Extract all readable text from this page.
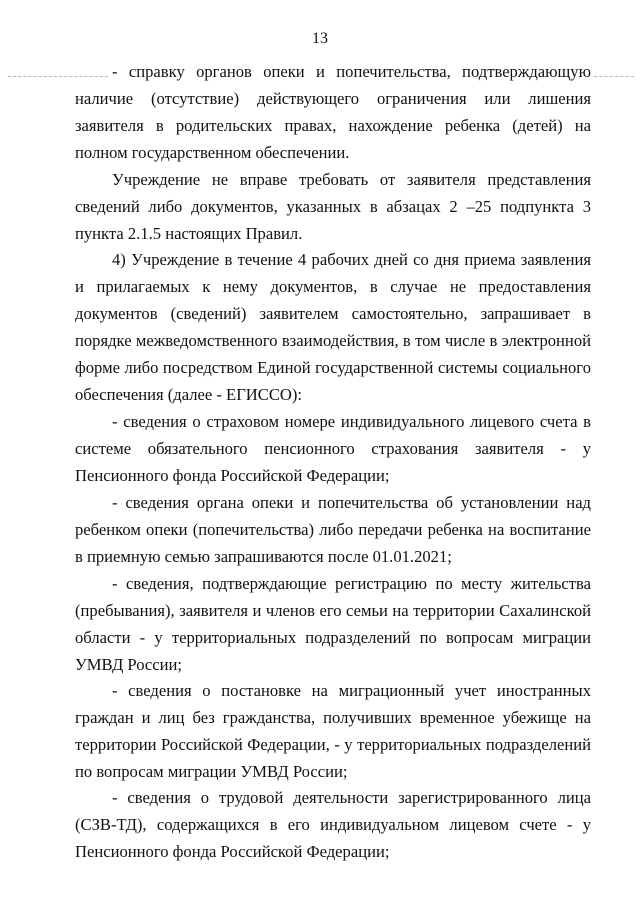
13

- справку органов опеки и попечительства, подтверждающую наличие (отсутствие) действующего ограничения или лишения заявителя в родительских правах, нахождение ребенка (детей) на полном государственном обеспечении.

Учреждение не вправе требовать от заявителя представления сведений либо документов, указанных в абзацах 2 –25 подпункта 3 пункта 2.1.5 настоящих Правил.

4) Учреждение в течение 4 рабочих дней со дня приема заявления и прилагаемых к нему документов, в случае не предоставления документов (сведений) заявителем самостоятельно, запрашивает в порядке межведомственного взаимодействия, в том числе в электронной форме либо посредством Единой государственной системы социального обеспечения (далее - ЕГИССО):

- сведения о страховом номере индивидуального лицевого счета в системе обязательного пенсионного страхования заявителя - у Пенсионного фонда Российской Федерации;

- сведения органа опеки и попечительства об установлении над ребенком опеки (попечительства) либо передачи ребенка на воспитание в приемную семью запрашиваются после 01.01.2021;

- сведения, подтверждающие регистрацию по месту жительства (пребывания), заявителя и членов его семьи на территории Сахалинской области - у территориальных подразделений по вопросам миграции УМВД России;

- сведения о постановке на миграционный учет иностранных граждан и лиц без гражданства, получивших временное убежище на территории Российской Федерации, - у территориальных подразделений по вопросам миграции УМВД России;

- сведения о трудовой деятельности зарегистрированного лица (СЗВ-ТД), содержащихся в его индивидуальном лицевом счете - у Пенсионного фонда Российской Федерации;
